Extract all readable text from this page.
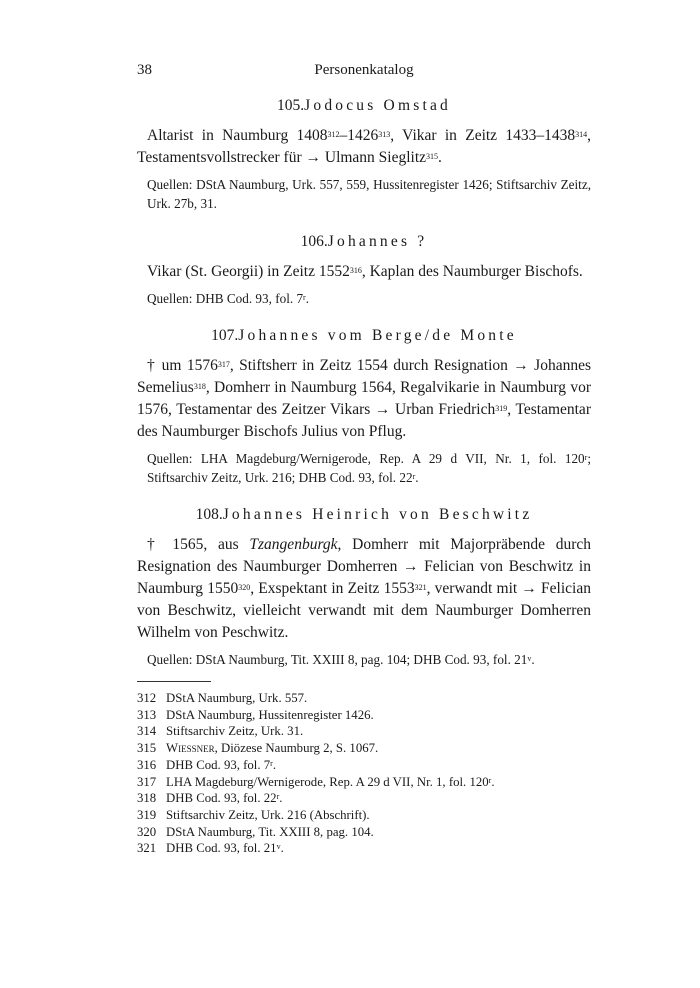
38	Personenkatalog
105.Jodocus Omstad

Altarist in Naumburg 1408$^{312}$–1426$^{313}$, Vikar in Zeitz 1433–1438$^{314}$, Testamentsvollstrecker für → Ulmann Sieglitz$^{315}$.

Quellen: DStA Naumburg, Urk. 557, 559, Hussitenregister 1426; Stiftsarchiv Zeitz, Urk. 27b, 31.

106.Johannes ?

Vikar (St. Georgii) in Zeitz 1552$^{316}$, Kaplan des Naumburger Bischofs.

Quellen: DHB Cod. 93, fol. 7$^r$.

107.Johannes vom Berge/de Monte

† um 1576$^{317}$, Stiftsherr in Zeitz 1554 durch Resignation → Johannes Semelius$^{318}$, Domherr in Naumburg 1564, Regalvikarie in Naumburg vor 1576, Testamentar des Zeitzer Vikars → Urban Friedrich$^{319}$, Testamentar des Naumburger Bischofs Julius von Pflug.

Quellen: LHA Magdeburg/Wernigerode, Rep. A 29 d VII, Nr. 1, fol. 120$^r$; Stiftsarchiv Zeitz, Urk. 216; DHB Cod. 93, fol. 22$^r$.

108.Johannes Heinrich von Beschwitz

† 1565, aus Tzangenburgk, Domherr mit Majorpräbende durch Resignation des Naumburger Domherren → Felician von Beschwitz in Naumburg 1550$^{320}$, Exspektant in Zeitz 1553$^{321}$, verwandt mit → Felician von Beschwitz, vielleicht verwandt mit dem Naumburger Domherren Wilhelm von Peschwitz.

Quellen: DStA Naumburg, Tit. XXIII 8, pag. 104; DHB Cod. 93, fol. 21$^v$.

312 DStA Naumburg, Urk. 557.
313 DStA Naumburg, Hussitenregister 1426.
314 Stiftsarchiv Zeitz, Urk. 31.
315 Wiessner, Diözese Naumburg 2, S. 1067.
316 DHB Cod. 93, fol. 7$^r$.
317 LHA Magdeburg/Wernigerode, Rep. A 29 d VII, Nr. 1, fol. 120$^r$.
318 DHB Cod. 93, fol. 22$^r$.
319 Stiftsarchiv Zeitz, Urk. 216 (Abschrift).
320 DStA Naumburg, Tit. XXIII 8, pag. 104.
321 DHB Cod. 93, fol. 21$^v$.
